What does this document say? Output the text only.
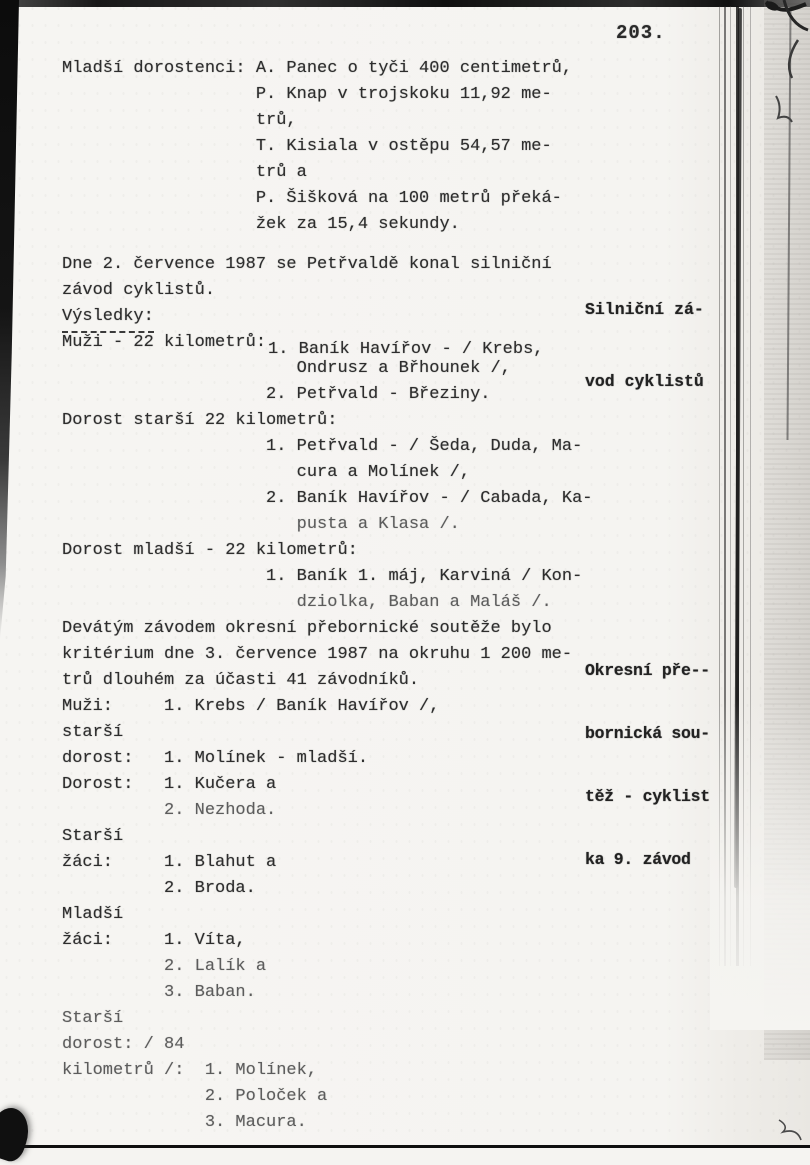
203.
Mladší dorostenci: A. Panec o tyči 400 centimetrů,
P. Knap v trojskoku 11,92 me-
trů,
T. Kisiala v ostěpu 54,57 me-
trů a
P. Šišková na 100 metrů překá-
žek za 15,4 sekundy.
Dne 2. července 1987 se Petřvaldě konal silniční
závod cyklistů.
Výsledky:
Muži - 22 kilometrů: 1. Baník Havířov - / Krebs,
Ondrusz a Břhounek /,
2. Petřvald - Březiny.
Dorost starší 22 kilometrů:
1. Petřvald - / Šeda, Duda, Ma-
cura a Molínek /,
2. Baník Havířov - / Cabada, Ka-
pusta a Klasa /.
Dorost mladší - 22 kilometrů:
1. Baník 1. máj, Karviná / Kon-
dziolka, Baban a Maláš /.
Devátým závodem okresní přebornické soutěže bylo
kritérium dne 3. července 1987 na okruhu 1 200 me-
trů dlouhém za účasti 41 závodníků.
Muži:     1. Krebs / Baník Havířov /,
starší
dorost:   1. Molínek - mladší.
Dorost:   1. Kučera a
2. Nezhoda.
Starší
žáci:     1. Blahut a
2. Broda.
Mladší
žáci:     1. Víta,
2. Lalík a
3. Baban.
Starší
dorost: / 84
kilometrů /:  1. Molínek,
2. Poloček a
3. Macura.

Silniční zá-

vod cyklistů

Okresní pře--

bornická sou-

těž - cyklist

ka 9. závod
